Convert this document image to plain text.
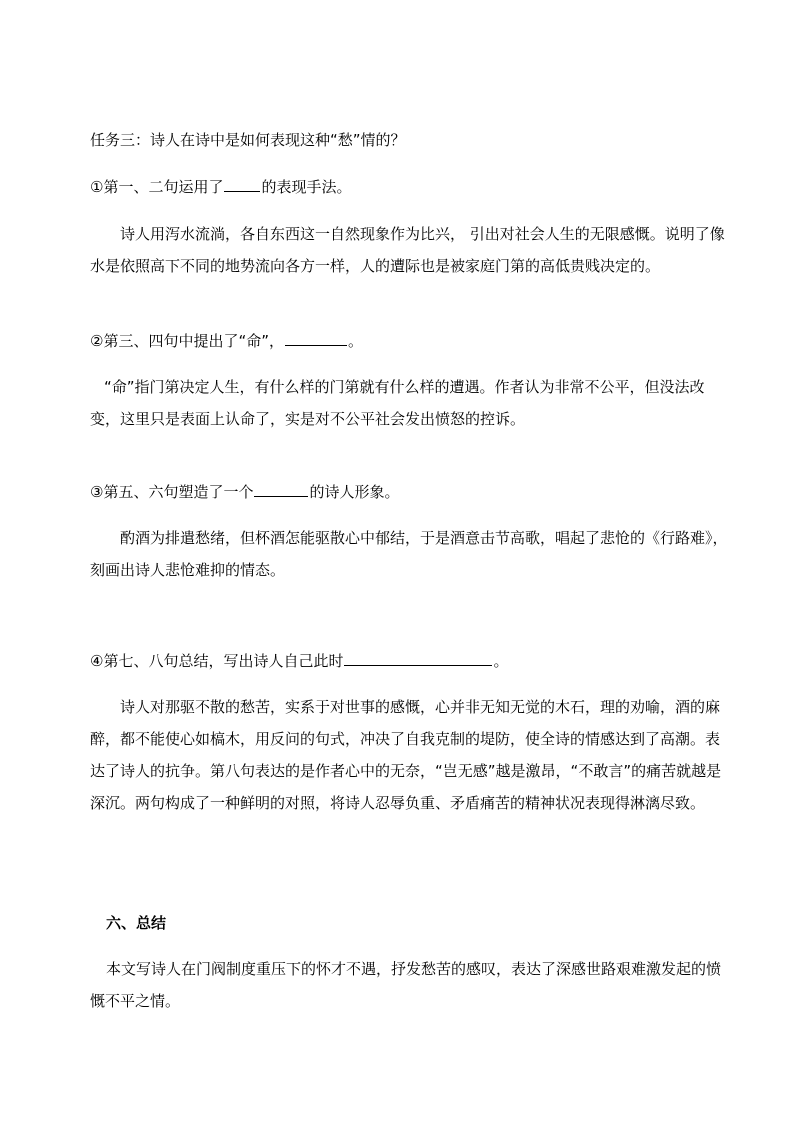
任务三：诗人在诗中是如何表现这种“愁”情的？
①第一、二句运用了	的表现手法。
诗人用泻水流淌，各自东西这一自然现象作为比兴， 引出对社会人生的无限感慨。说明了像水是依照高下不同的地势流向各方一样，人的遭际也是被家庭门第的高低贵贱决定的。
②第三、四句中提出了“命”，	。
“命”指门第决定人生，有什么样的门第就有什么样的遭遇。作者认为非常不公平，但没法改变，这里只是表面上认命了，实是对不公平社会发出愤怒的控诉。
③第五、六句塑造了一个	的诗人形象。
酌酒为排遣愁绪，但杯酒怎能驱散心中郁结，于是酒意击节高歌，唱起了悲怆的《行路难》，刻画出诗人悲怆难抑的情态。
④第七、八句总结，写出诗人自己此时	。
诗人对那驱不散的愁苦，实系于对世事的感慨，心并非无知无觉的木石，理的劝喻，酒的麻醉，都不能使心如槁木，用反问的句式，冲决了自我克制的堤防，使全诗的情感达到了高潮。表达了诗人的抗争。第八句表达的是作者心中的无奈，“岂无感”越是激昂，“不敢言”的痛苦就越是深沉。两句构成了一种鲜明的对照，将诗人忍辱负重、矛盾痛苦的精神状况表现得淋漓尽致。
六、总结
本文写诗人在门阀制度重压下的怀才不遇，抒发愁苦的感叹，表达了深感世路艰难激发起的愤慨不平之情。
